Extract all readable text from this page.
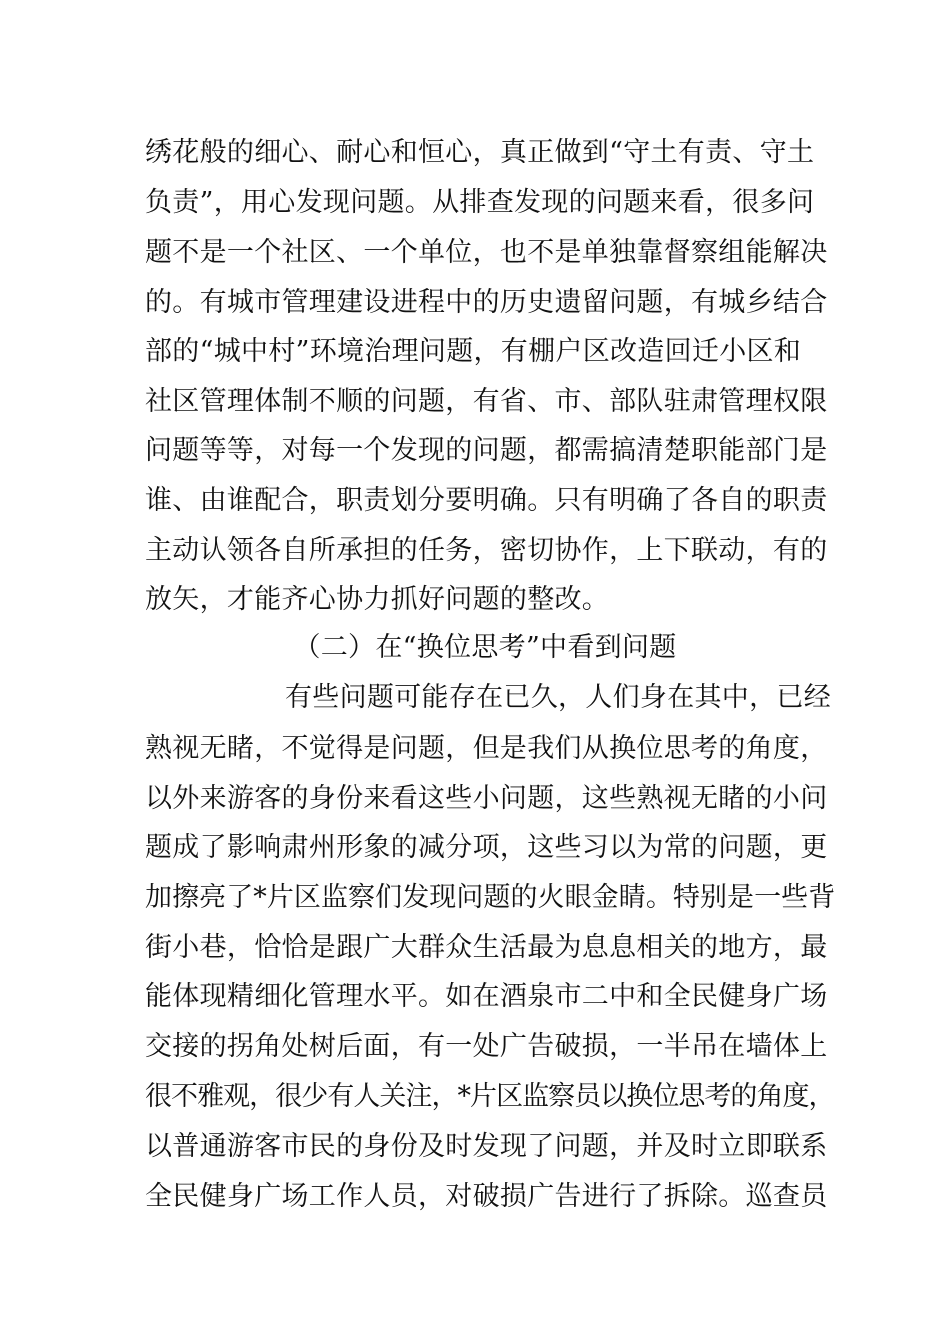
绣花般的细心、耐心和恒心，真正做到“守土有责、守土
负责”，用心发现问题。从排查发现的问题来看，很多问
题不是一个社区、一个单位，也不是单独靠督察组能解决
的。有城市管理建设进程中的历史遗留问题，有城乡结合
部的“城中村”环境治理问题，有棚户区改造回迁小区和
社区管理体制不顺的问题，有省、市、部队驻肃管理权限
问题等等，对每一个发现的问题，都需搞清楚职能部门是
谁、由谁配合，职责划分要明确。只有明确了各自的职责
主动认领各自所承担的任务，密切协作，上下联动，有的
放矢，才能齐心协力抓好问题的整改。
（二）在“换位思考”中看到问题
有些问题可能存在已久，人们身在其中，已经
熟视无睹，不觉得是问题，但是我们从换位思考的角度，
以外来游客的身份来看这些小问题，这些熟视无睹的小问
题成了影响肃州形象的减分项，这些习以为常的问题，更
加擦亮了*片区监察们发现问题的火眼金睛。特别是一些背
街小巷，恰恰是跟广大群众生活最为息息相关的地方，最
能体现精细化管理水平。如在酒泉市二中和全民健身广场
交接的拐角处树后面，有一处广告破损，一半吊在墙体上
很不雅观，很少有人关注，*片区监察员以换位思考的角度，
以普通游客市民的身份及时发现了问题，并及时立即联系
全民健身广场工作人员，对破损广告进行了拆除。巡查员
